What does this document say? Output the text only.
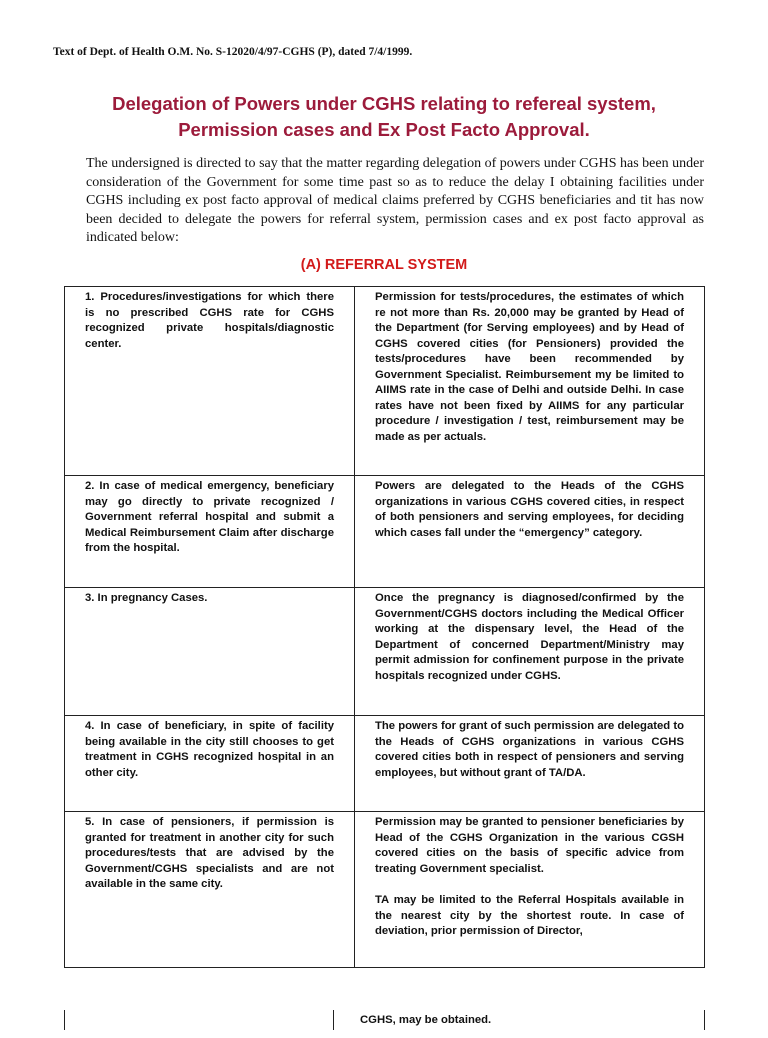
Text of Dept. of Health O.M. No. S-12020/4/97-CGHS (P), dated 7/4/1999.
Delegation of Powers under CGHS relating to refereal system,
Permission cases and Ex Post Facto Approval.
The undersigned is directed to say that the matter regarding delegation of powers under CGHS has been under consideration of the Government for some time past so as to reduce the delay I obtaining facilities under CGHS including ex post facto approval of medical claims preferred by CGHS beneficiaries and tit has now been decided to delegate the powers for referral system, permission cases and ex post facto approval as indicated below:
(A) REFERRAL SYSTEM

1. Procedures/investigations for which there is no prescribed CGHS rate for CGHS recognized private hospitals/diagnostic center.	Permission for tests/procedures, the estimates of which re not more than Rs. 20,000 may be granted by Head of the Department (for Serving employees) and by Head of CGHS covered cities (for Pensioners) provided the tests/procedures have been recommended by Government Specialist. Reimbursement my be limited to AIIMS rate in the case of Delhi and outside Delhi. In case rates have not been fixed by AIIMS for any particular procedure / investigation / test, reimbursement may be made as per actuals.

2. In case of medical emergency, beneficiary may go directly to private recognized / Government referral hospital and submit a Medical Reimbursement Claim after discharge from the hospital.	Powers are delegated to the Heads of the CGHS organizations in various CGHS covered cities, in respect of both pensioners and serving employees, for deciding which cases fall under the “emergency” category.

3. In pregnancy Cases.	Once the pregnancy is diagnosed/confirmed by the Government/CGHS doctors including the Medical Officer working at the dispensary level, the Head of the Department of concerned Department/Ministry may permit admission for confinement purpose in the private hospitals recognized under CGHS.

4. In case of beneficiary, in spite of facility being available in the city still chooses to get treatment in CGHS recognized hospital in an other city.	The powers for grant of such permission are delegated to the Heads of CGHS organizations in various CGHS covered cities both in respect of pensioners and serving employees, but without grant of TA/DA.

5. In case of pensioners, if permission is granted for treatment in another city for such procedures/tests that are advised by the Government/CGHS specialists and are not available in the same city.	Permission may be granted to pensioner beneficiaries by Head of the CGHS Organization in the various CGSH covered cities on the basis of specific advice from treating Government specialist.

TA may be limited to the Referral Hospitals available in the nearest city by the shortest route. In case of deviation, prior permission of Director,

CGHS, may be obtained.
